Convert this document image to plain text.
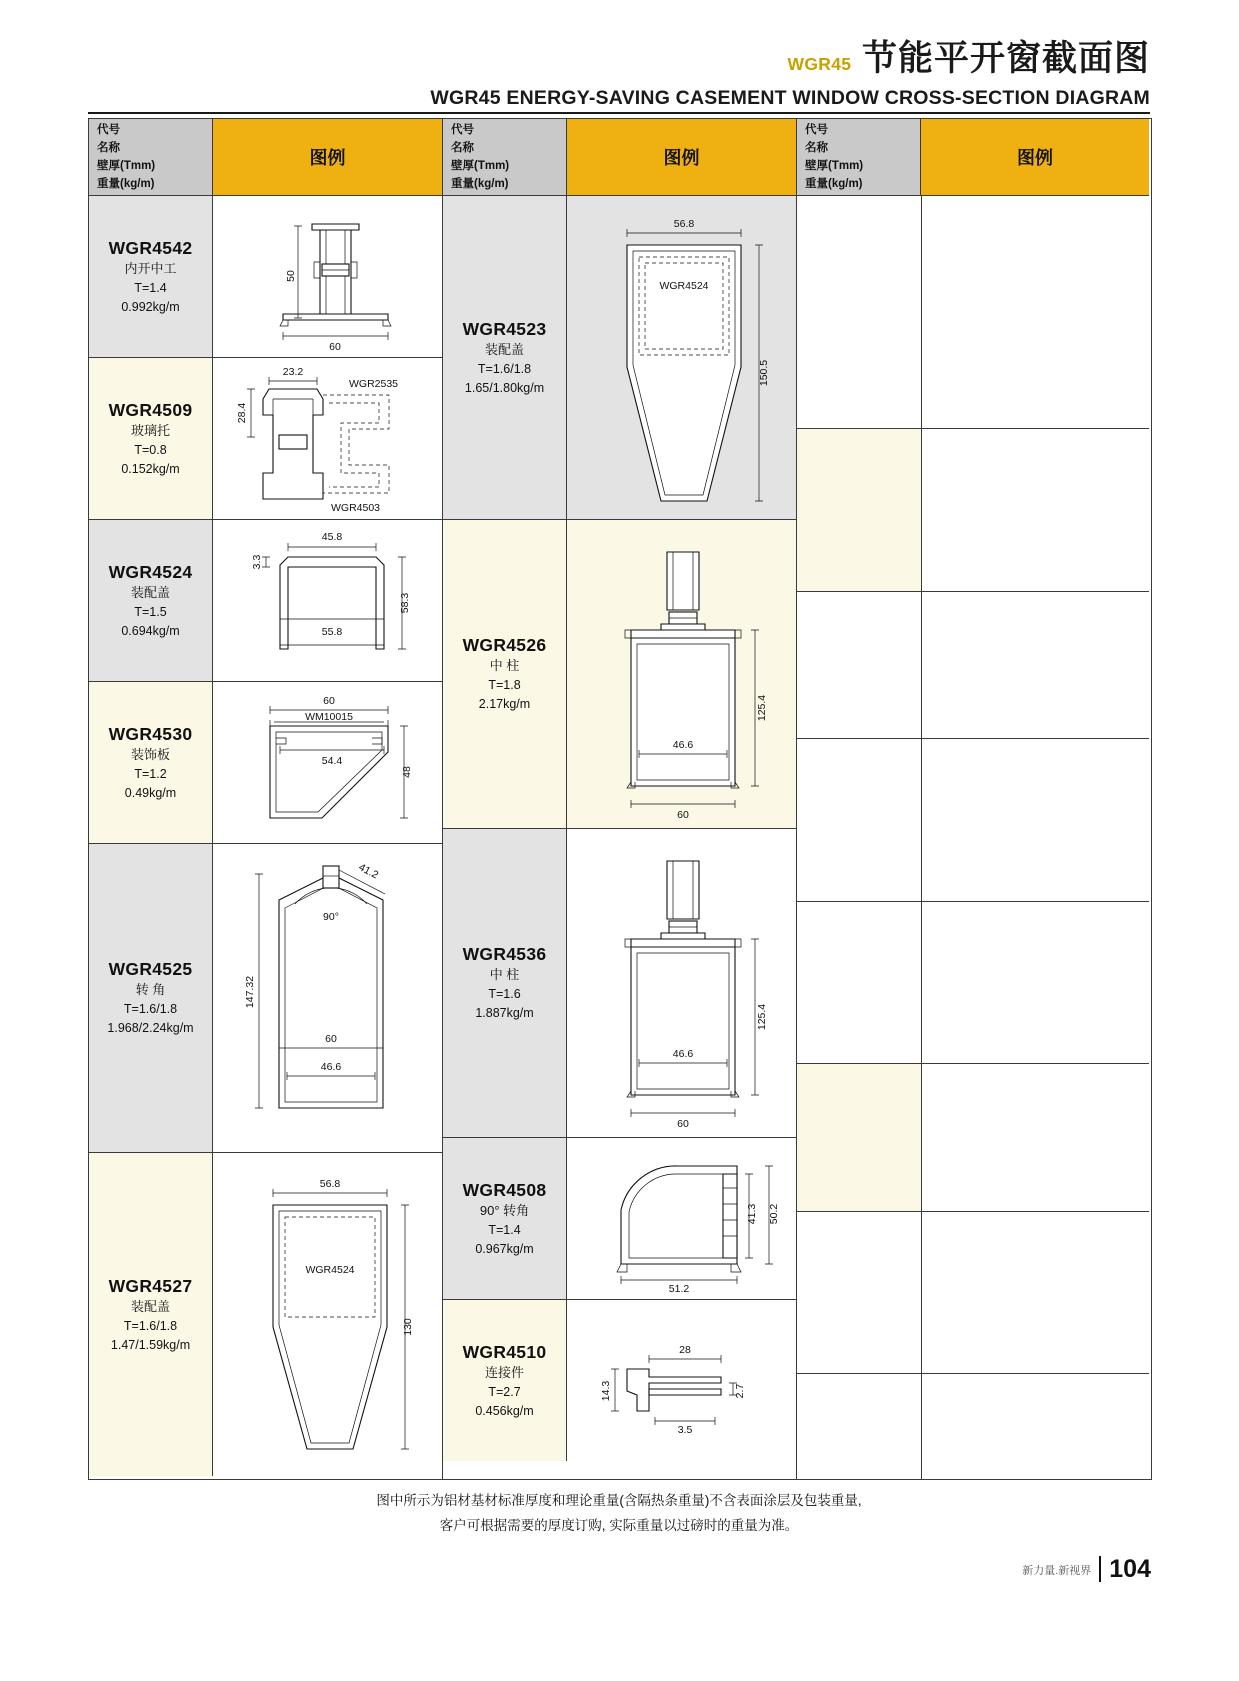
WGR45 节能平开窗截面图
WGR45 ENERGY-SAVING CASEMENT WINDOW CROSS-SECTION DIAGRAM
代号
名称
壁厚(Tmm)
重量(kg/m)
图例
WGR4542
内开中工
T=1.4
0.992kg/m
50
60
WGR4509
玻璃托
T=0.8
0.152kg/m
WGR2535
WGR4503
23.2
28.4
WGR4524
装配盖
T=1.5
0.694kg/m
45.8
3.3
58.3
55.8
WGR4530
装饰板
T=1.2
0.49kg/m
60
WM10015
54.4
48
WGR4525
转 角
T=1.6/1.8
1.968/2.24kg/m
90°
41.2
147.32
60
46.6
WGR4527
装配盖
T=1.6/1.8
1.47/1.59kg/m
WGR4524
56.8
130
代号
名称
壁厚(Tmm)
重量(kg/m)
图例
WGR4523
装配盖
T=1.6/1.8
1.65/1.80kg/m
WGR4524
56.8
150.5
WGR4526
中 柱
T=1.8
2.17kg/m	125.4
46.6
60
WGR4536
中 柱
T=1.6
1.887kg/m	125.4
46.6
60
WGR4508
90° 转角
T=1.4
0.967kg/m
41.3 50.2
51.2
WGR4510
连接件
T=2.7
0.456kg/m
28
14.3
3.5
2.7
代号
名称
壁厚(Tmm)
重量(kg/m)
图例
图中所示为铝材基材标准厚度和理论重量(含隔热条重量)不含表面涂层及包装重量,
客户可根据需要的厚度订购, 实际重量以过磅时的重量为准。
新力量.新视界 104
